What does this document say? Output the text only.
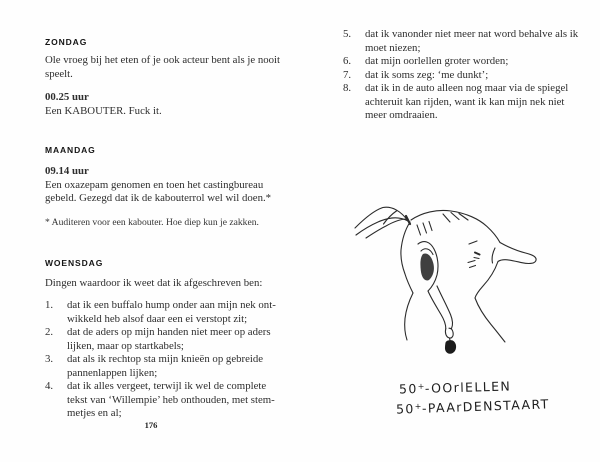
ZONDAG
Ole vroeg bij het eten of je ook acteur bent als je nooit
speelt.
00.25 uur
Een KABOUTER. Fuck it.
MAANDAG
09.14 uur
Een oxazepam genomen en toen het castingbureau
gebeld. Gezegd dat ik de kabouterrol wel wil doen.*
* Auditeren voor een kabouter. Hoe diep kun je zakken.
WOENSDAG
Dingen waardoor ik weet dat ik afgeschreven ben:
1.	dat ik een buffalo hump onder aan mijn nek ont-
wikkeld heb alsof daar een ei verstopt zit;
2.	dat de aders op mijn handen niet meer op aders
lijken, maar op startkabels;
3.	dat als ik rechtop sta mijn knieën op gebreide
pannenlappen lijken;
4.	dat ik alles vergeet, terwijl ik wel de complete
tekst van ‘Willempie’ heb onthouden, met stem-
metjes en al;
176
5.	dat ik vanonder niet meer nat word behalve als ik
moet niezen;
6.	dat mijn oorlellen groter worden;
7.	dat ik soms zeg: ‘me dunkt’;
8.	dat ik in de auto alleen nog maar via de spiegel
achteruit kan rijden, want ik kan mijn nek niet
meer omdraaien.
50+-OOrlELLEN
50+-PAArDENSTAART
